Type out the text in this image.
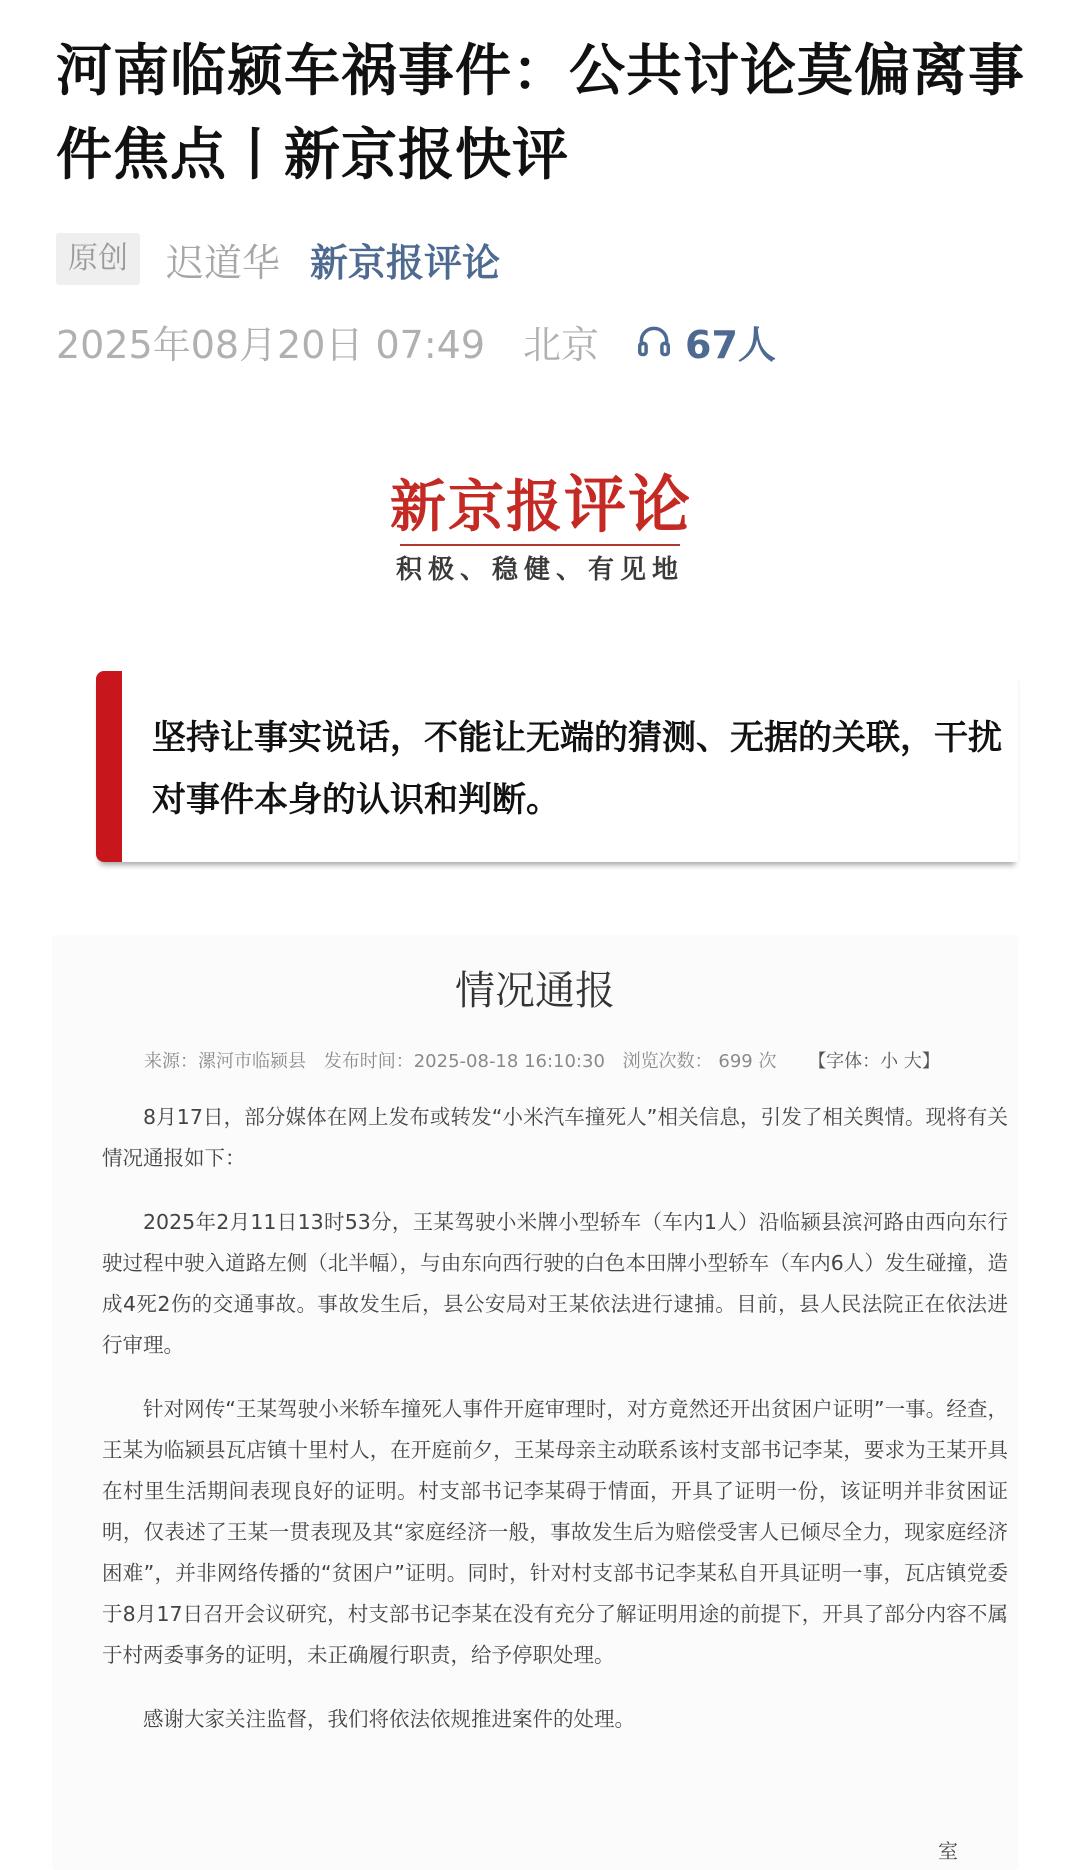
河南临颍车祸事件：公共讨论莫偏离事件焦点丨新京报快评
原创	迟道华 新京报评论
2025年08月20日 07:49 北京 67人
新京报评论
积极、稳健、有见地

坚持让事实说话，不能让无端的猜测、无据的关联，干扰对事件本身的认识和判断。

情况通报
来源：漯河市临颍县 发布时间：2025-08-18 16:10:30 浏览次数： 699 次 【字体：小 大】

8月17日，部分媒体在网上发布或转发“小米汽车撞死人”相关信息，引发了相关舆情。现将有关情况通报如下：

2025年2月11日13时53分，王某驾驶小米牌小型轿车（车内1人）沿临颍县滨河路由西向东行驶过程中驶入道路左侧（北半幅），与由东向西行驶的白色本田牌小型轿车（车内6人）发生碰撞，造成4死2伤的交通事故。事故发生后，县公安局对王某依法进行逮捕。目前，县人民法院正在依法进行审理。

针对网传“王某驾驶小米轿车撞死人事件开庭审理时，对方竟然还开出贫困户证明”一事。经查，王某为临颍县瓦店镇十里村人，在开庭前夕，王某母亲主动联系该村支部书记李某，要求为王某开具在村里生活期间表现良好的证明。村支部书记李某碍于情面，开具了证明一份，该证明并非贫困证明，仅表述了王某一贯表现及其“家庭经济一般，事故发生后为赔偿受害人已倾尽全力，现家庭经济困难”，并非网络传播的“贫困户”证明。同时，针对村支部书记李某私自开具证明一事，瓦店镇党委于8月17日召开会议研究，村支部书记李某在没有充分了解证明用途的前提下，开具了部分内容不属于村两委事务的证明，未正确履行职责，给予停职处理。

感谢大家关注监督，我们将依法依规推进案件的处理。

室
